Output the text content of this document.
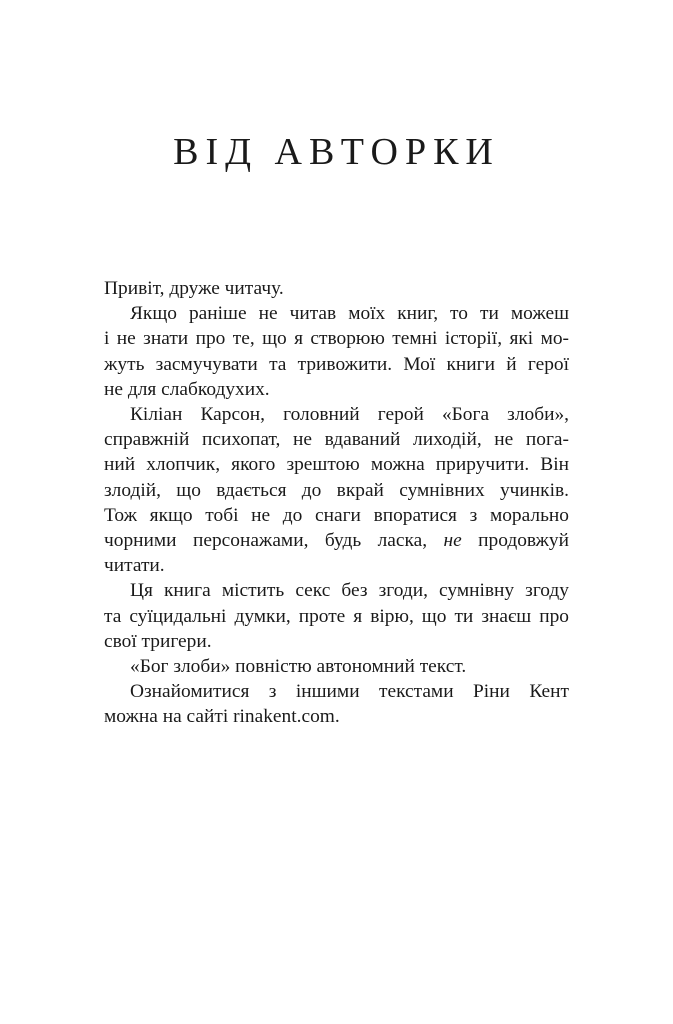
ВІД АВТОРКИ
Привіт, друже читачу.
Якщо раніше не читав моїх книг, то ти можеш
і не знати про те, що я створюю темні історії, які мо-
жуть засмучувати та тривожити. Мої книги й герої
не для слабкодухих.
Кіліан Карсон, головний герой «Бога злоби»,
справжній психопат, не вдаваний лиходій, не пога-
ний хлопчик, якого зрештою можна приручити. Він
злодій, що вдається до вкрай сумнівних учинків.
Тож якщо тобі не до снаги впоратися з морально
чорними персонажами, будь ласка, не продовжуй
читати.
Ця книга містить секс без згоди, сумнівну згоду
та суїцидальні думки, проте я вірю, що ти знаєш про
свої тригери.
«Бог злоби» повністю автономний текст.
Ознайомитися з іншими текстами Ріни Кент
можна на сайті rinakent.com.
